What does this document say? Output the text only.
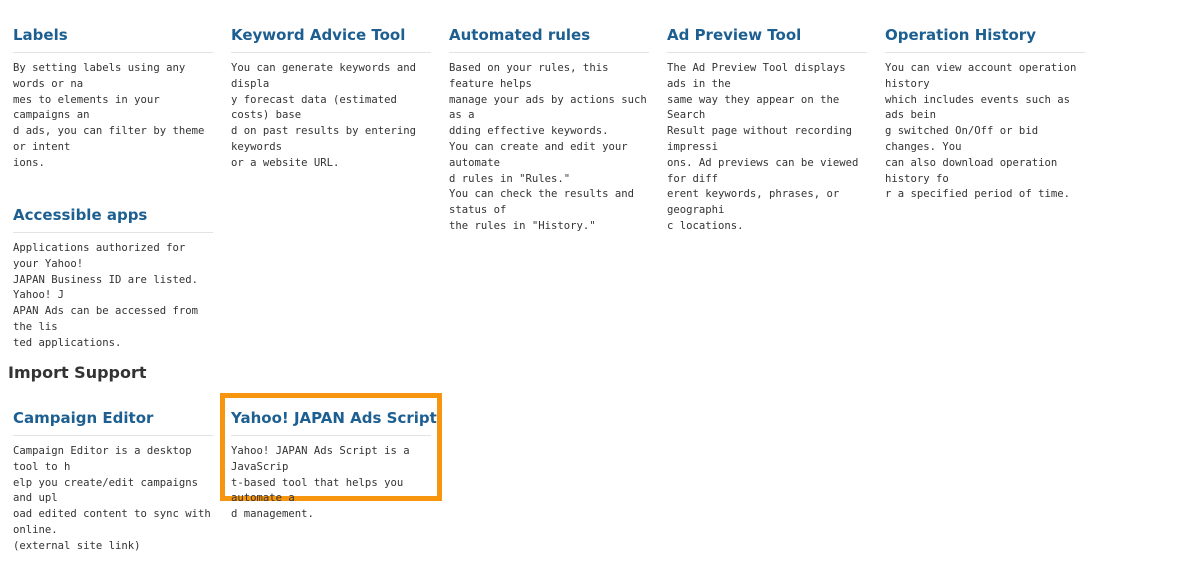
Labels
By setting labels using any words or na
mes to elements in your campaigns an
d ads, you can filter by theme or intent
ions.
Keyword Advice Tool
You can generate keywords and displa
y forecast data (estimated costs) base
d on past results by entering keywords
or a website URL.
Automated rules
Based on your rules, this feature helps
manage your ads by actions such as a
dding effective keywords.
You can create and edit your automate
d rules in "Rules."
You can check the results and status of
the rules in "History."
Ad Preview Tool
The Ad Preview Tool displays ads in the
same way they appear on the Search
Result page without recording impressi
ons. Ad previews can be viewed for diff
erent keywords, phrases, or geographi
c locations.
Operation History
You can view account operation history
which includes events such as ads bein
g switched On/Off or bid changes. You
can also download operation history fo
r a specified period of time.
Accessible apps
Applications authorized for your Yahoo!
JAPAN Business ID are listed. Yahoo! J
APAN Ads can be accessed from the lis
ted applications.
Import Support
Campaign Editor
Campaign Editor is a desktop tool to h
elp you create/edit campaigns and upl
oad edited content to sync with online.
(external site link)
Yahoo! JAPAN Ads Script
Yahoo! JAPAN Ads Script is a JavaScrip
t-based tool that helps you automate a
d management.
